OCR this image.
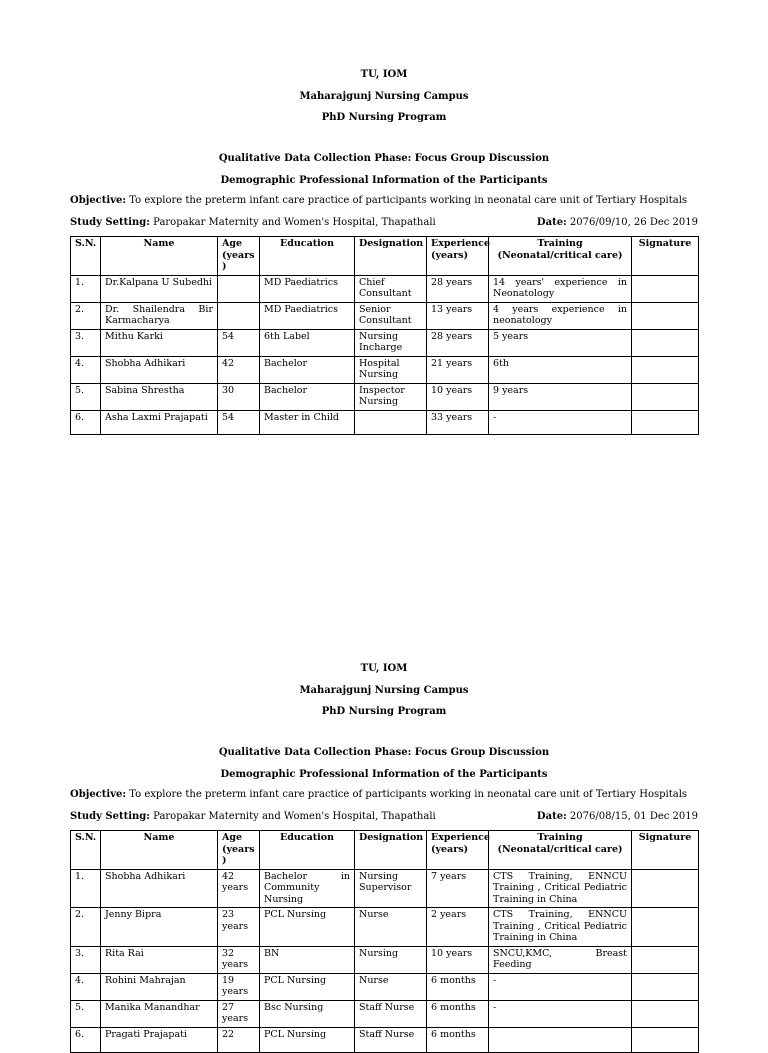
TU, IOM
Maharajgunj Nursing Campus
PhD Nursing Program
Qualitative Data Collection Phase: Focus Group Discussion
Demographic Professional Information of the Participants
Objective: To explore the preterm infant care practice of participants working in neonatal care unit of Tertiary Hospitals
Study Setting: Paropakar Maternity and Women's Hospital, Thapathali	Date: 2076/09/10, 26 Dec 2019
S.N.	Name	Age (years )	Education	Designation	Experience (years)	Training (Neonatal/critical care)	Signature
1.	Dr.Kalpana U Subedhi		MD Paediatrics	Chief Consultant	28 years	14 years' experience in Neonatology	
2.	Dr. Shailendra Bir Karmacharya		MD Paediatrics	Senior Consultant	13 years	4 years experience in neonatology	
3.	Mithu Karki	54	6th Label	Nursing Incharge	28 years	5 years	
4.	Shobha Adhikari	42	Bachelor	Hospital Nursing	21 years	6th	
5.	Sabina Shrestha	30	Bachelor	Inspector Nursing	10 years	9 years	
6.	Asha Laxmi Prajapati	54	Master in Child		33 years	-	
TU, IOM
Maharajgunj Nursing Campus
PhD Nursing Program
Qualitative Data Collection Phase: Focus Group Discussion
Demographic Professional Information of the Participants
Objective: To explore the preterm infant care practice of participants working in neonatal care unit of Tertiary Hospitals
Study Setting: Paropakar Maternity and Women's Hospital, Thapathali	Date: 2076/08/15, 01 Dec 2019
S.N.	Name	Age (years )	Education	Designation	Experience (years)	Training (Neonatal/critical care)	Signature
1.	Shobha Adhikari	42 years	Bachelor in Community Nursing	Nursing Supervisor	7 years	CTS Training, ENNCU Training , Critical Pediatric Training in China	
2.	Jenny Bipra	23 years	PCL Nursing	Nurse	2 years	CTS Training, ENNCU Training , Critical Pediatric Training in China	
3.	Rita Rai	32 years	BN	Nursing	10 years	SNCU,KMC, Breast Feeding	
4.	Rohini Mahrajan	19 years	PCL Nursing	Nurse	6 months	-	
5.	Manika Manandhar	27 years	Bsc Nursing	Staff Nurse	6 months	-	
6.	Pragati Prajapati	22	PCL Nursing	Staff Nurse	6 months		
